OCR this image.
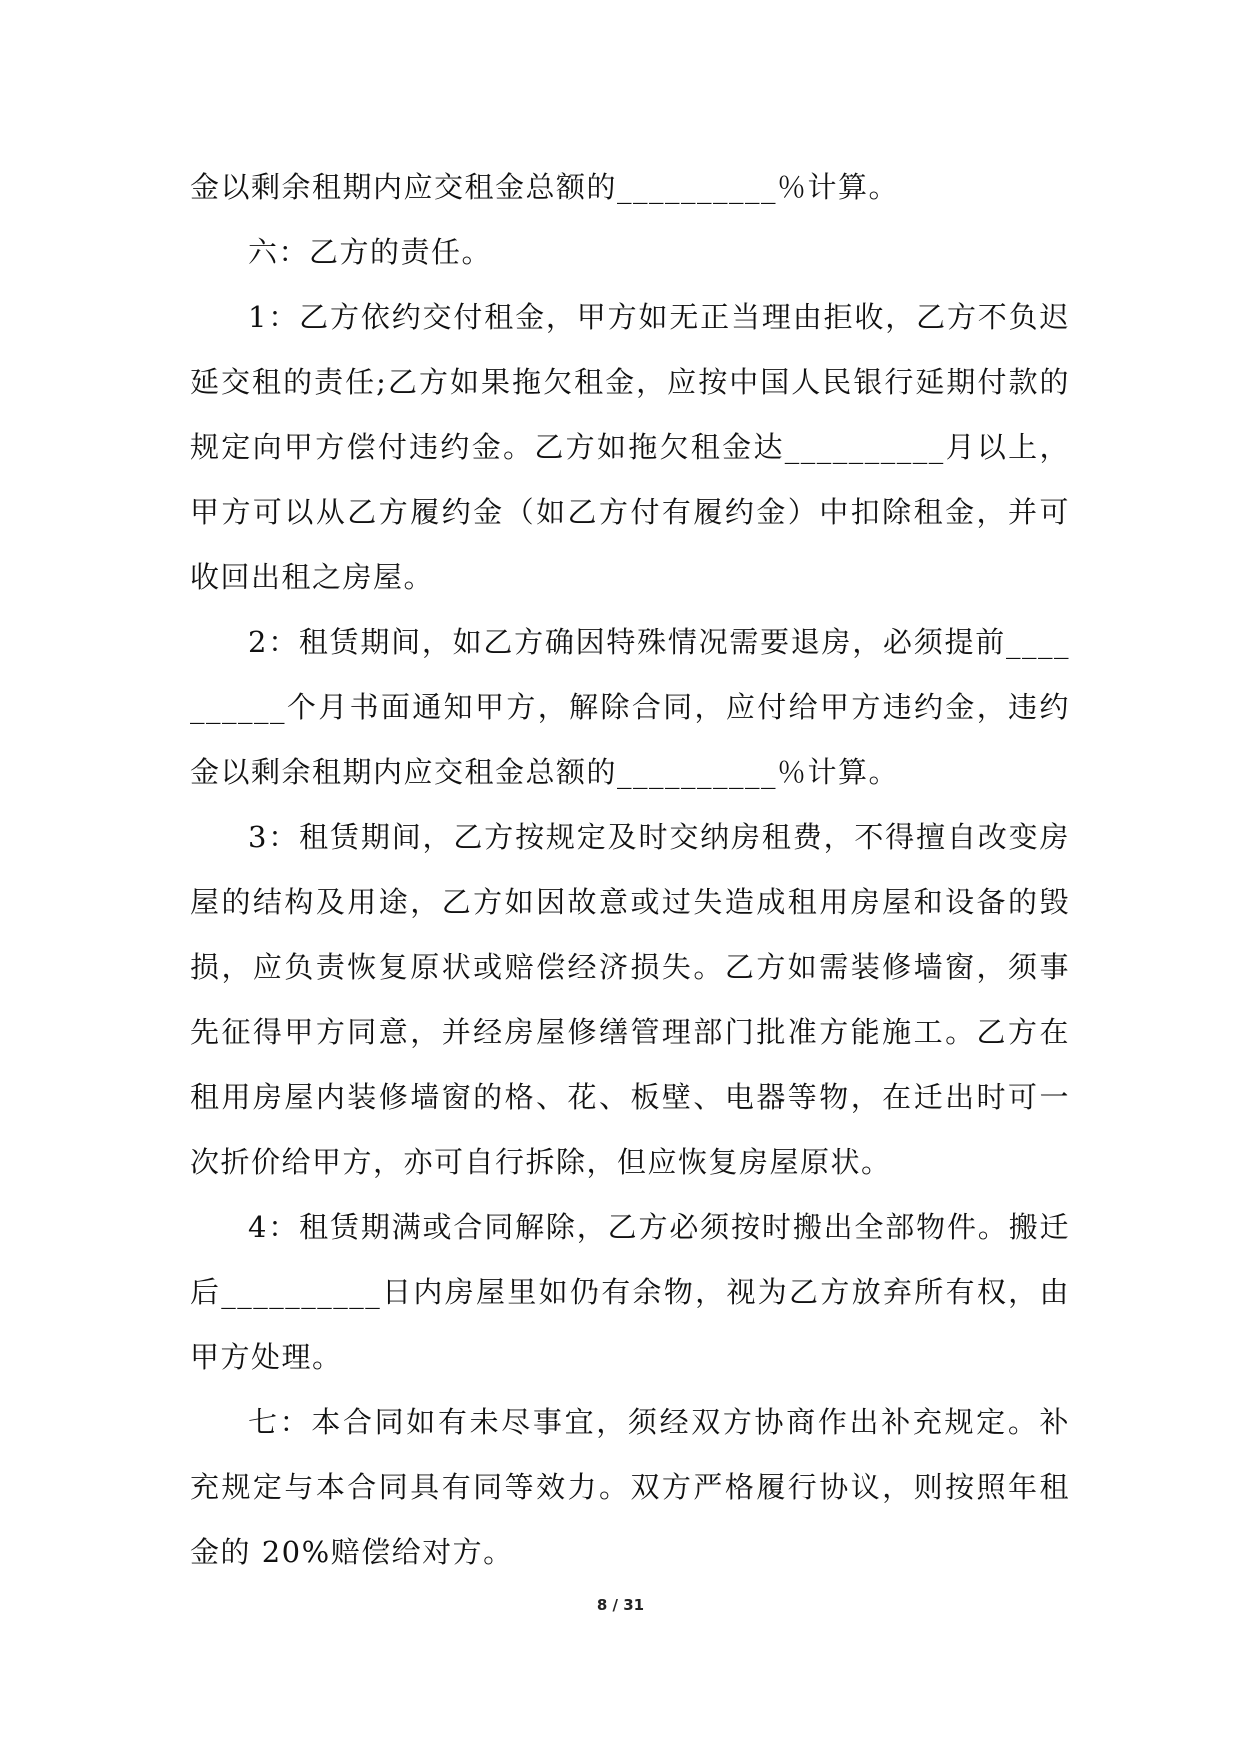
金以剩余租期内应交租金总额的__________％计算。

六：乙方的责任。

1：乙方依约交付租金，甲方如无正当理由拒收，乙方不负迟延交租的责任;乙方如果拖欠租金，应按中国人民银行延期付款的规定向甲方偿付违约金。乙方如拖欠租金达__________月以上，甲方可以从乙方履约金（如乙方付有履约金）中扣除租金，并可收回出租之房屋。

2：租赁期间，如乙方确因特殊情况需要退房，必须提前__________个月书面通知甲方，解除合同，应付给甲方违约金，违约金以剩余租期内应交租金总额的__________％计算。

3：租赁期间，乙方按规定及时交纳房租费，不得擅自改变房屋的结构及用途，乙方如因故意或过失造成租用房屋和设备的毁损，应负责恢复原状或赔偿经济损失。乙方如需装修墙窗，须事先征得甲方同意，并经房屋修缮管理部门批准方能施工。乙方在租用房屋内装修墙窗的格、花、板壁、电器等物，在迁出时可一次折价给甲方，亦可自行拆除，但应恢复房屋原状。

4：租赁期满或合同解除，乙方必须按时搬出全部物件。搬迁后__________日内房屋里如仍有余物，视为乙方放弃所有权，由甲方处理。

七：本合同如有未尽事宜，须经双方协商作出补充规定。补充规定与本合同具有同等效力。双方严格履行协议，则按照年租金的 20%赔偿给对方。

8 / 31
